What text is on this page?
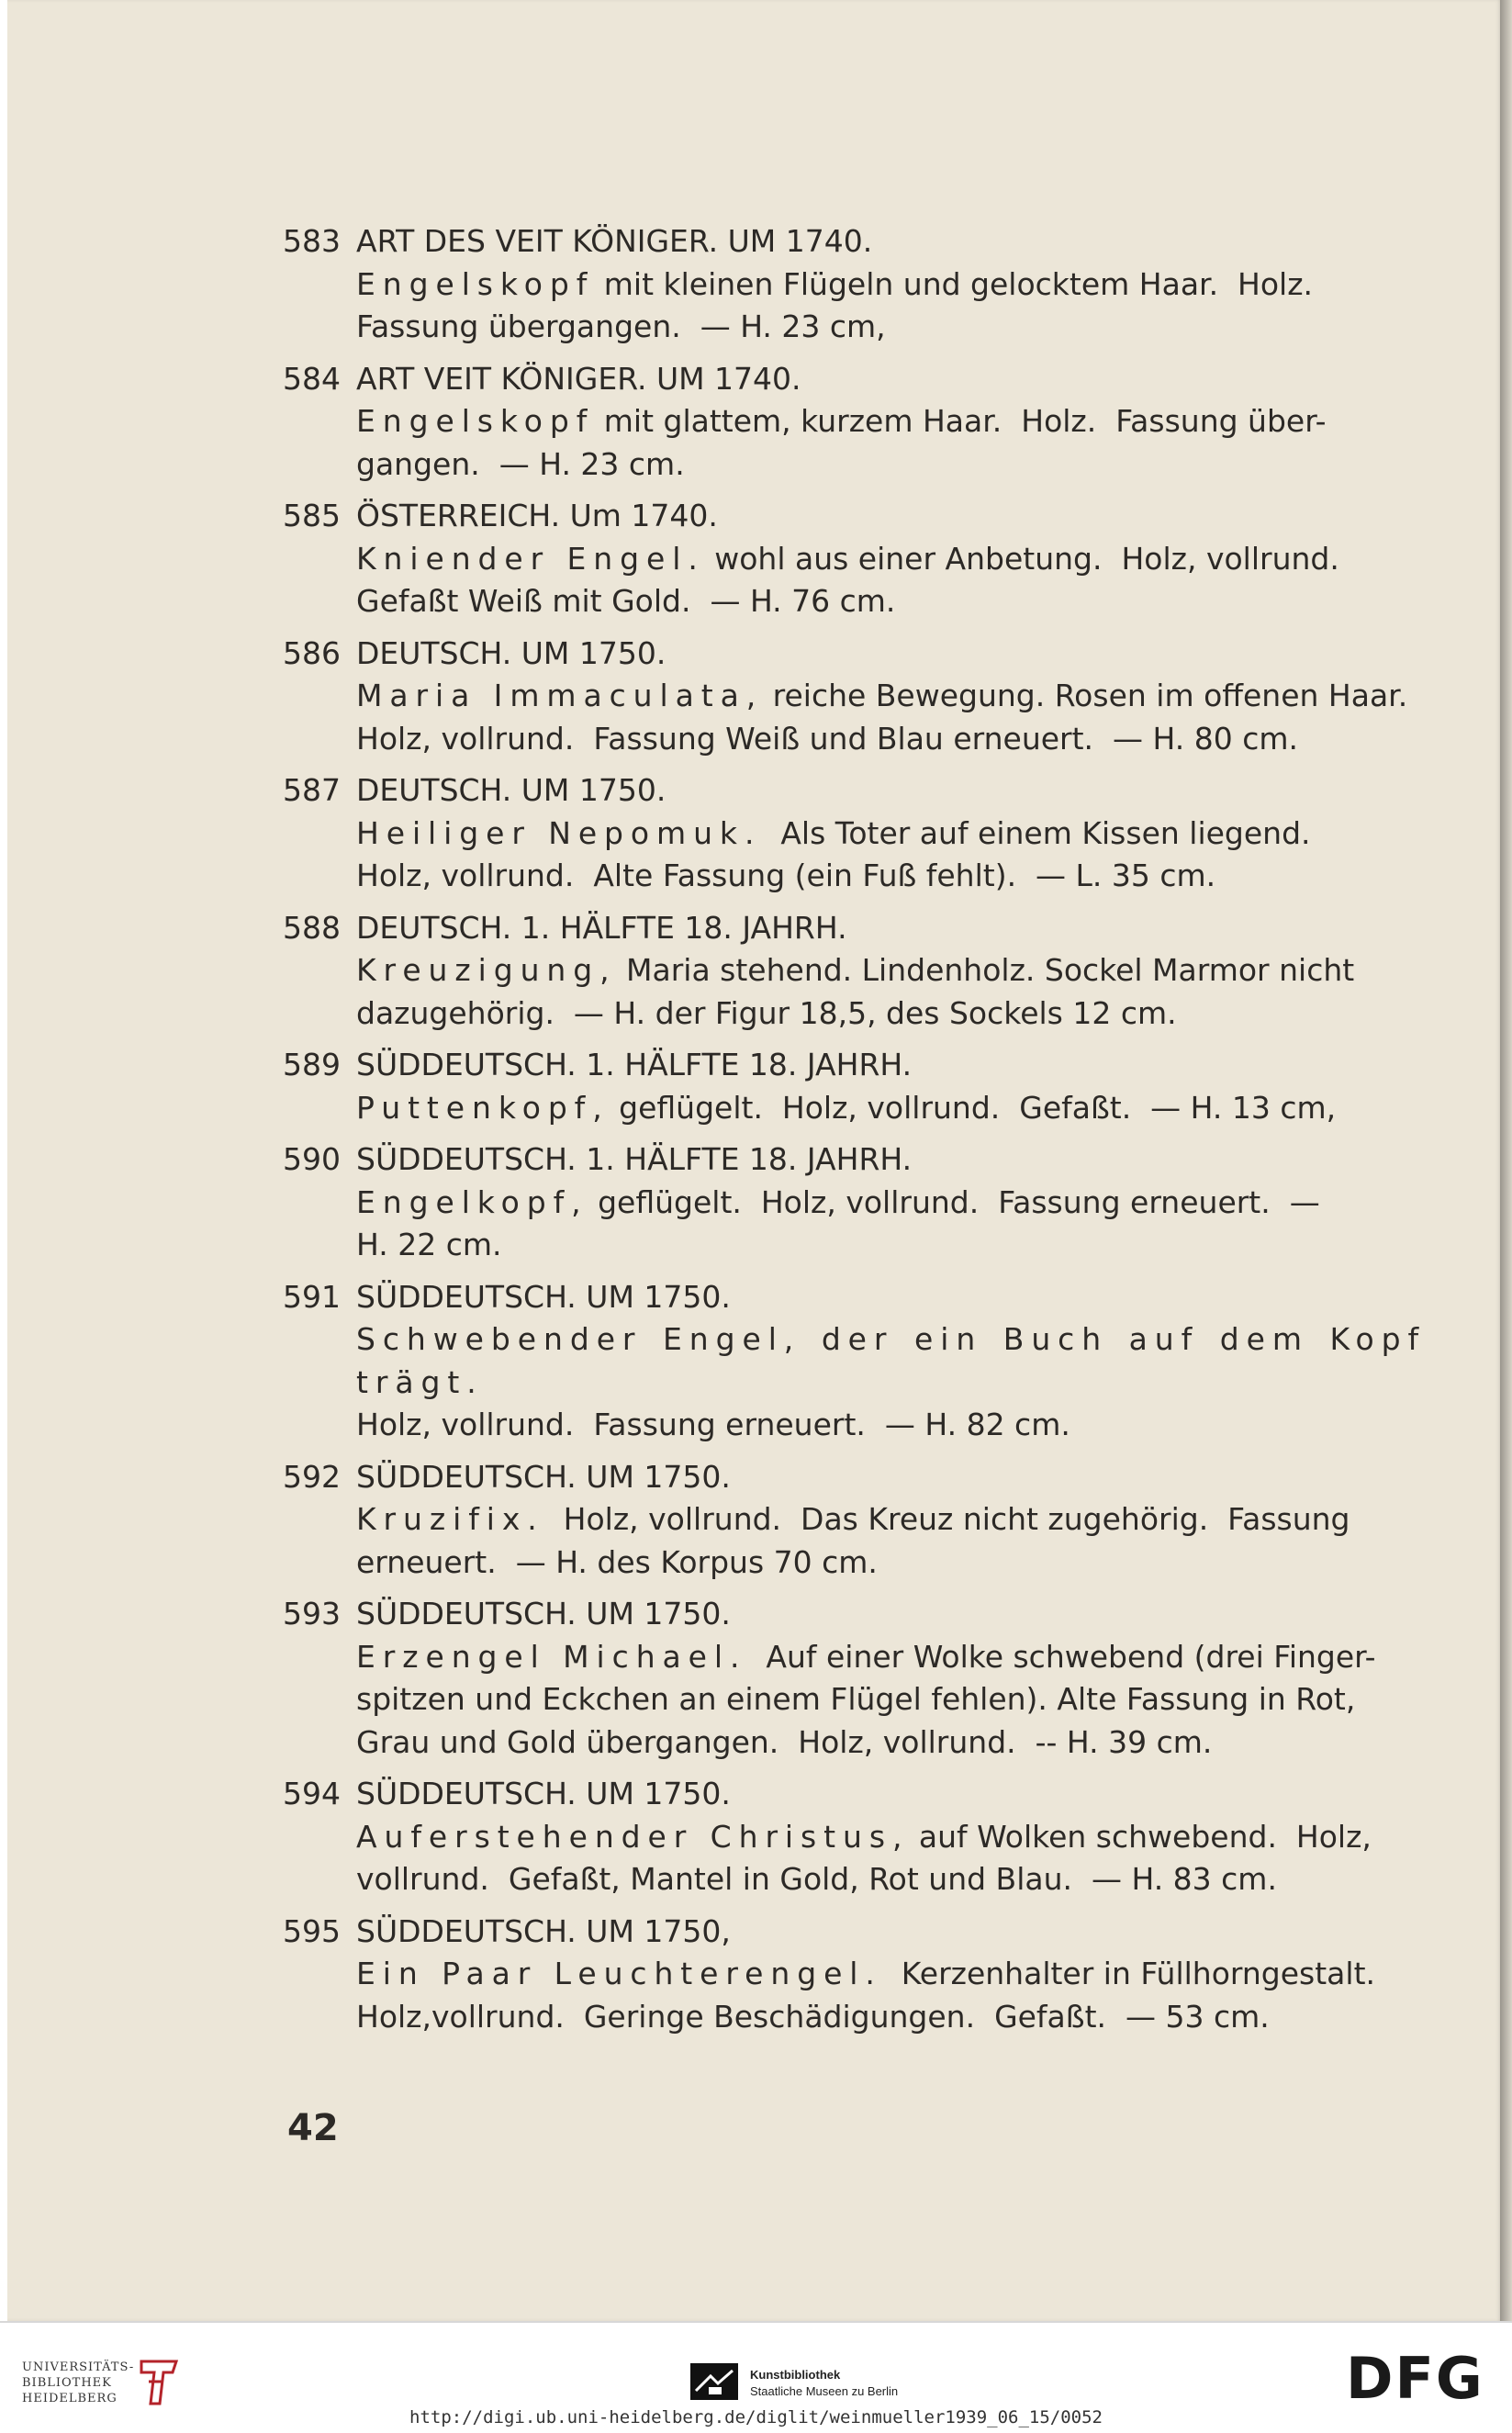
583 ART DES VEIT KÖNIGER. UM 1740.
Engelskopf mit kleinen Flügeln und gelocktem Haar.  Holz.
Fassung übergangen.  — H. 23 cm,
584 ART VEIT KÖNIGER. UM 1740.
Engelskopf mit glattem, kurzem Haar.  Holz.  Fassung über-
gangen.  — H. 23 cm.
585 ÖSTERREICH. Um 1740.
Kniender Engel. wohl aus einer Anbetung.  Holz, vollrund.
Gefaßt Weiß mit Gold.  — H. 76 cm.
586 DEUTSCH. UM 1750.
Maria Immaculata, reiche Bewegung. Rosen im offenen Haar.
Holz, vollrund.  Fassung Weiß und Blau erneuert.  — H. 80 cm.
587 DEUTSCH. UM 1750.
Heiliger Nepomuk.  Als Toter auf einem Kissen liegend.
Holz, vollrund.  Alte Fassung (ein Fuß fehlt).  — L. 35 cm.
588 DEUTSCH. 1. HÄLFTE 18. JAHRH.
Kreuzigung, Maria stehend. Lindenholz. Sockel Marmor nicht
dazugehörig.  — H. der Figur 18,5, des Sockels 12 cm.
589 SÜDDEUTSCH. 1. HÄLFTE 18. JAHRH.
Puttenkopf, geflügelt.  Holz, vollrund.  Gefaßt.  — H. 13 cm,
590 SÜDDEUTSCH. 1. HÄLFTE 18. JAHRH.
Engelkopf, geflügelt.  Holz, vollrund.  Fassung erneuert.  —
H. 22 cm.
591 SÜDDEUTSCH. UM 1750.
Schwebender Engel, der ein Buch auf dem Kopf trägt.
Holz, vollrund.  Fassung erneuert.  — H. 82 cm.
592 SÜDDEUTSCH. UM 1750.
Kruzifix.  Holz, vollrund.  Das Kreuz nicht zugehörig.  Fassung
erneuert.  — H. des Korpus 70 cm.
593 SÜDDEUTSCH. UM 1750.
Erzengel Michael.  Auf einer Wolke schwebend (drei Finger-
spitzen und Eckchen an einem Flügel fehlen). Alte Fassung in Rot,
Grau und Gold übergangen.  Holz, vollrund.  -- H. 39 cm.
594 SÜDDEUTSCH. UM 1750.
Auferstehender Christus, auf Wolken schwebend.  Holz,
vollrund.  Gefaßt, Mantel in Gold, Rot und Blau.  — H. 83 cm.
595 SÜDDEUTSCH. UM 1750,
Ein Paar Leuchterengel.  Kerzenhalter in Füllhorngestalt.
Holz,vollrund.  Geringe Beschädigungen.  Gefaßt.  — 53 cm.
42
UNIVERSITÄTS-
BIBLIOTHEK
HEIDELBERG
Kunstbibliothek
Staatliche Museen zu Berlin	DFG
http://digi.ub.uni-heidelberg.de/diglit/weinmueller1939_06_15/0052
